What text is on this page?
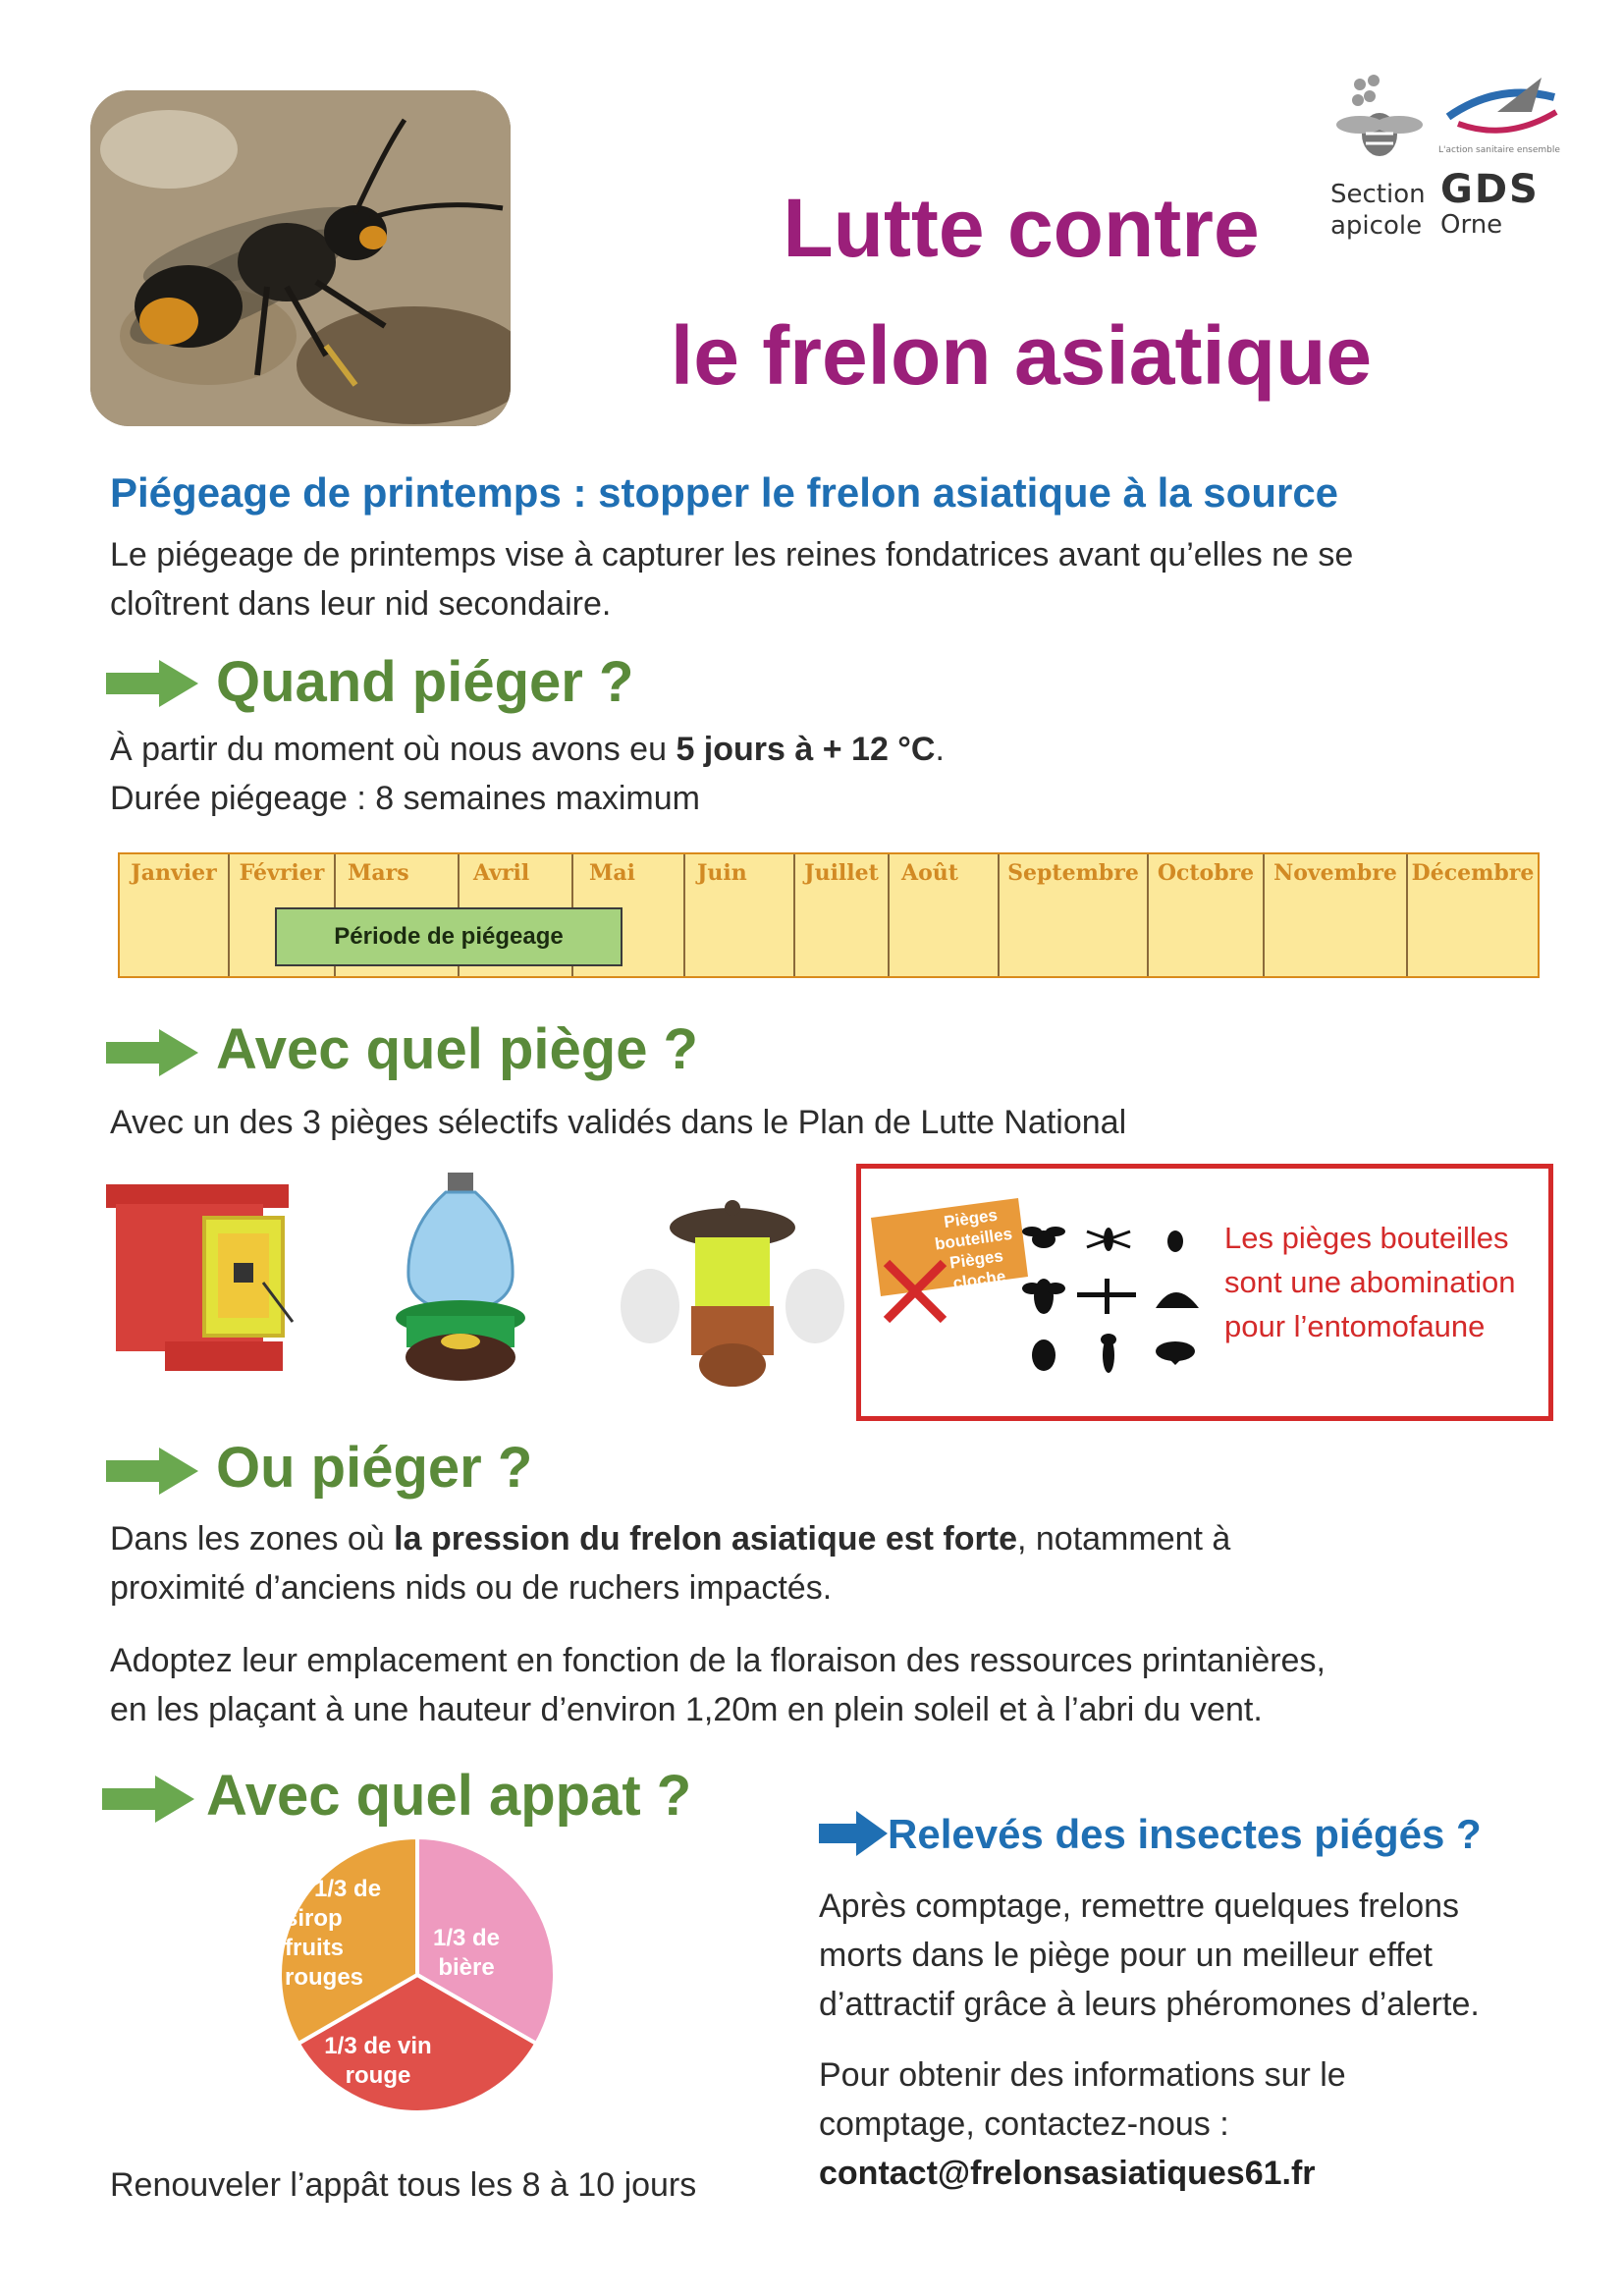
Lutte contre
le frelon asiatique
L'action sanitaire ensemble
Section
apicole
GDS
Orne
Piégeage de printemps : stopper le frelon asiatique à la source
Le piégeage de printemps vise à capturer les reines fondatrices avant qu’elles ne se
cloîtrent dans leur nid secondaire.
Quand piéger ?
À partir du moment où nous avons eu 5 jours à + 12 °C.
Durée piégeage : 8 semaines maximum
Janvier	Février	Mars	Avril	Mai	Juin	Juillet	Août	Septembre Octobre Novembre Décembre
Période de piégeage
Avec quel piège ?
Avec un des 3 pièges sélectifs validés dans le Plan de Lutte National
Pièges
bouteilles
Pièges
cloche
Les pièges bouteilles
sont une abomination
pour l’entomofaune
Ou piéger ?
Dans les zones où la pression du frelon asiatique est forte, notamment à
proximité d’anciens nids ou de ruchers impactés.
Adoptez leur emplacement en fonction de la floraison des ressources printanières,
en les plaçant à une hauteur d’environ 1,20m en plein soleil et à l’abri du vent.
Avec quel appat ?
1/3 de sirop fruits rouges
1/3 de bière
1/3 de vin rouge
Renouveler l’appât tous les 8 à 10 jours
Relevés des insectes piégés ?
Après comptage, remettre quelques frelons
morts dans le piège pour un meilleur effet
d’attractif grâce à leurs phéromones d’alerte.
Pour obtenir des informations sur le
comptage, contactez-nous :
contact@frelonsasiatiques61.fr
